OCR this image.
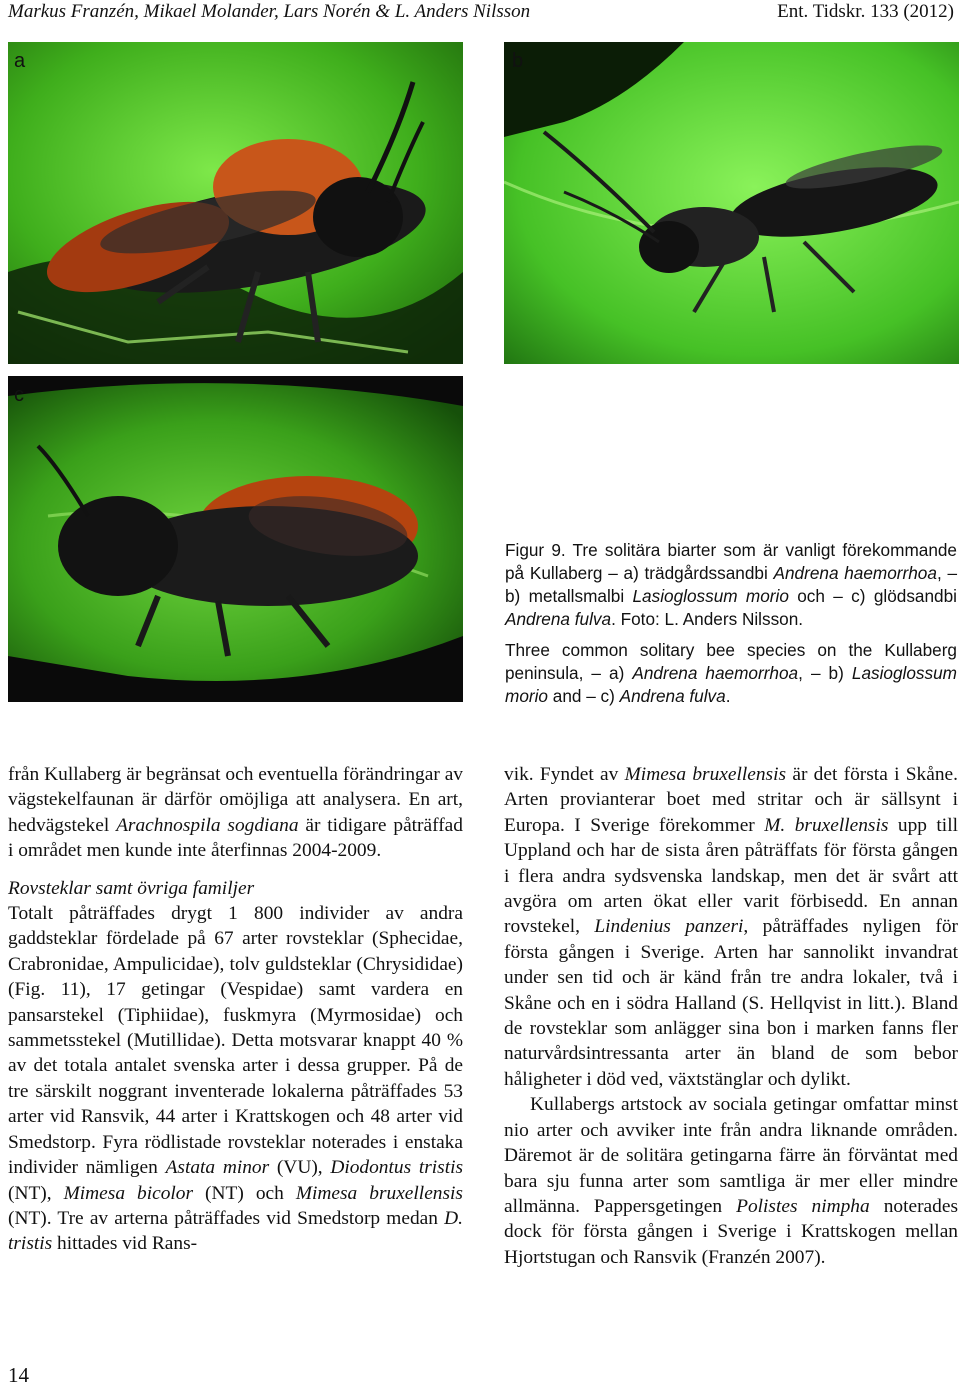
Markus Franzén, Mikael Molander, Lars Norén & L. Anders Nilsson	Ent. Tidskr. 133 (2012)
a	b
c
Figur 9. Tre solitära biarter som är vanligt förekommande på Kullaberg – a) trädgårdssandbi Andrena haemorrhoa, – b) metallsmalbi Lasioglossum morio och – c) glödsandbi Andrena fulva. Foto: L. Anders Nilsson.
Three common solitary bee species on the Kullaberg peninsula, – a) Andrena haemorrhoa, – b) Lasioglossum morio and – c) Andrena fulva.

från Kullaberg är begränsat och eventuella förändringar av vägstekelfaunan är därför omöjliga att analysera. En art, hedvägstekel Arachnospila sogdiana är tidigare påträffad i området men kunde inte återfinnas 2004-2009.

Rovsteklar samt övriga familjer

Totalt påträffades drygt 1 800 individer av andra gaddsteklar fördelade på 67 arter rovsteklar (Sphecidae, Crabronidae, Ampulicidae), tolv guldsteklar (Chrysididae) (Fig. 11), 17 getingar (Vespidae) samt vardera en pansarstekel (Tiphiidae), fuskmyra (Myrmosidae) och sammetsstekel (Mutillidae). Detta motsvarar knappt 40 % av det totala antalet svenska arter i dessa grupper. På de tre särskilt noggrant inventerade lokalerna påträffades 53 arter vid Ransvik, 44 arter i Krattskogen och 48 arter vid Smedstorp. Fyra rödlistade rovsteklar noterades i enstaka individer nämligen Astata minor (VU), Diodontus tristis (NT), Mimesa bicolor (NT) och Mimesa bruxellensis (NT). Tre av arterna påträffades vid Smedstorp medan D. tristis hittades vid Rans-

vik. Fyndet av Mimesa bruxellensis är det första i Skåne. Arten provianterar boet med stritar och är sällsynt i Europa. I Sverige förekommer M. bruxellensis upp till Uppland och har de sista åren påträffats för första gången i flera andra sydsvenska landskap, men det är svårt att avgöra om arten ökat eller varit förbisedd. En annan rovstekel, Lindenius panzeri, påträffades nyligen för första gången i Sverige. Arten har sannolikt invandrat under sen tid och är känd från tre andra lokaler, två i Skåne och en i södra Halland (S. Hellqvist in litt.). Bland de rovsteklar som anlägger sina bon i marken fanns fler naturvårdsintressanta arter än bland de som bebor håligheter i död ved, växtstänglar och dylikt.

Kullabergs artstock av sociala getingar omfattar minst nio arter och avviker inte från andra liknande områden. Däremot är de solitära getingarna färre än förväntat med bara sju funna arter som samtliga är mer eller mindre allmänna. Pappersgetingen Polistes nimpha noterades dock för första gången i Sverige i Krattskogen mellan Hjortstugan och Ransvik (Franzén 2007).

14
